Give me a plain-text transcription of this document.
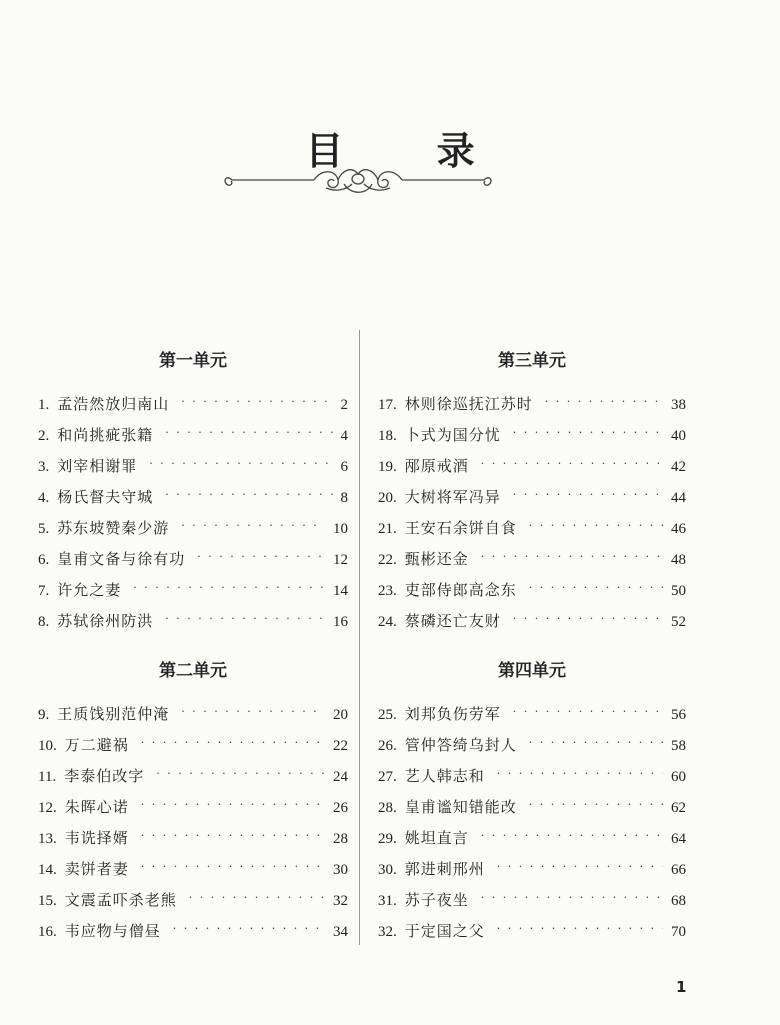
目 录
第一单元
1. 孟浩然放归南山 · · ·	2
2. 和尚挑疵张籍 · · ·	4
3. 刘宰相谢罪 · · ·	6
4. 杨氏督夫守城 · · ·	8
5. 苏东坡赞秦少游 · · ·	10
6. 皇甫文备与徐有功 · · ·	12
7. 许允之妻 · · ·	14
8. 苏轼徐州防洪 · · ·	16
第二单元
9. 王质饯别范仲淹 · · ·	20
10. 万二避祸 · · ·	22
11. 李泰伯改字 · · ·	24
12. 朱晖心诺 · · ·	26
13. 韦诜择婿 · · ·	28
14. 卖饼者妻 · · ·	30
15. 文震孟吓杀老熊 · · ·	32
16. 韦应物与僧昼 · · ·	34
第三单元
17. 林则徐巡抚江苏时 · · ·	38
18. 卜式为国分忧 · · ·	40
19. 邴原戒酒 · · ·	42
20. 大树将军冯异 · · ·	44
21. 王安石余饼自食 · · ·	46
22. 甄彬还金 · · ·	48
23. 吏部侍郎高念东 · · ·	50
24. 蔡磷还亡友财 · · ·	52
第四单元
25. 刘邦负伤劳军 · · ·	56
26. 管仲答绮乌封人 · · ·	58
27. 艺人韩志和 · · ·	60
28. 皇甫谧知错能改 · · ·	62
29. 姚坦直言 · · ·	64
30. 郭进刺邢州 · · ·	66
31. 苏子夜坐 · · ·	68
32. 于定国之父 · · ·	70
1
